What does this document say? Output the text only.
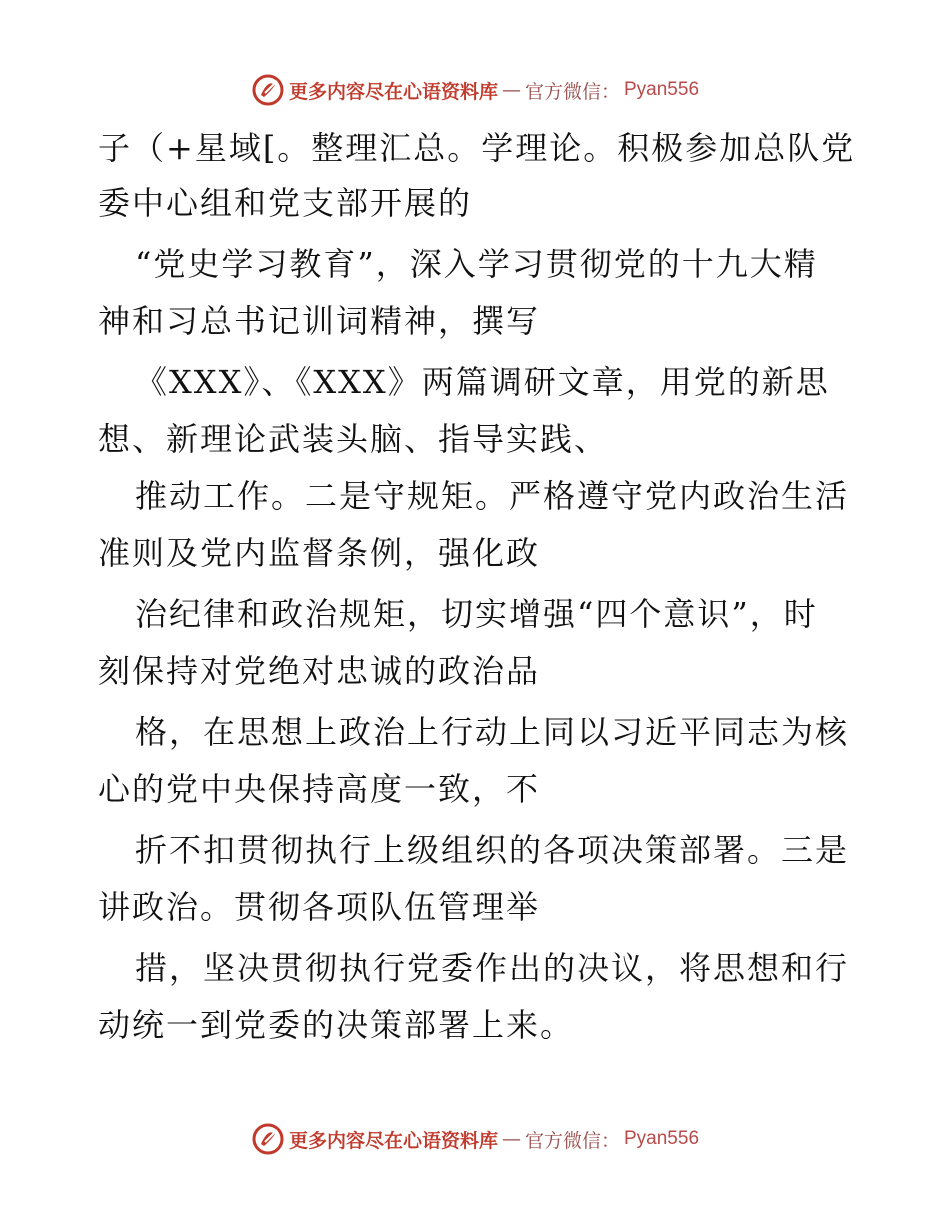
更多内容尽在心语资料库 — 官方微信： Pyan556
子（+星域[。整理汇总。学理论。积极参加总队党
委中心组和党支部开展的
“党史学习教育”，深入学习贯彻党的十九大精
神和习总书记训词精神，撰写
《XXX》、《XXX》两篇调研文章，用党的新思
想、新理论武装头脑、指导实践、
推动工作。二是守规矩。严格遵守党内政治生活
准则及党内监督条例，强化政
治纪律和政治规矩，切实增强“四个意识”，时
刻保持对党绝对忠诚的政治品
格，在思想上政治上行动上同以习近平同志为核
心的党中央保持高度一致，不
折不扣贯彻执行上级组织的各项决策部署。三是
讲政治。贯彻各项队伍管理举
措，坚决贯彻执行党委作出的决议，将思想和行
动统一到党委的决策部署上来。
更多内容尽在心语资料库 — 官方微信： Pyan556
